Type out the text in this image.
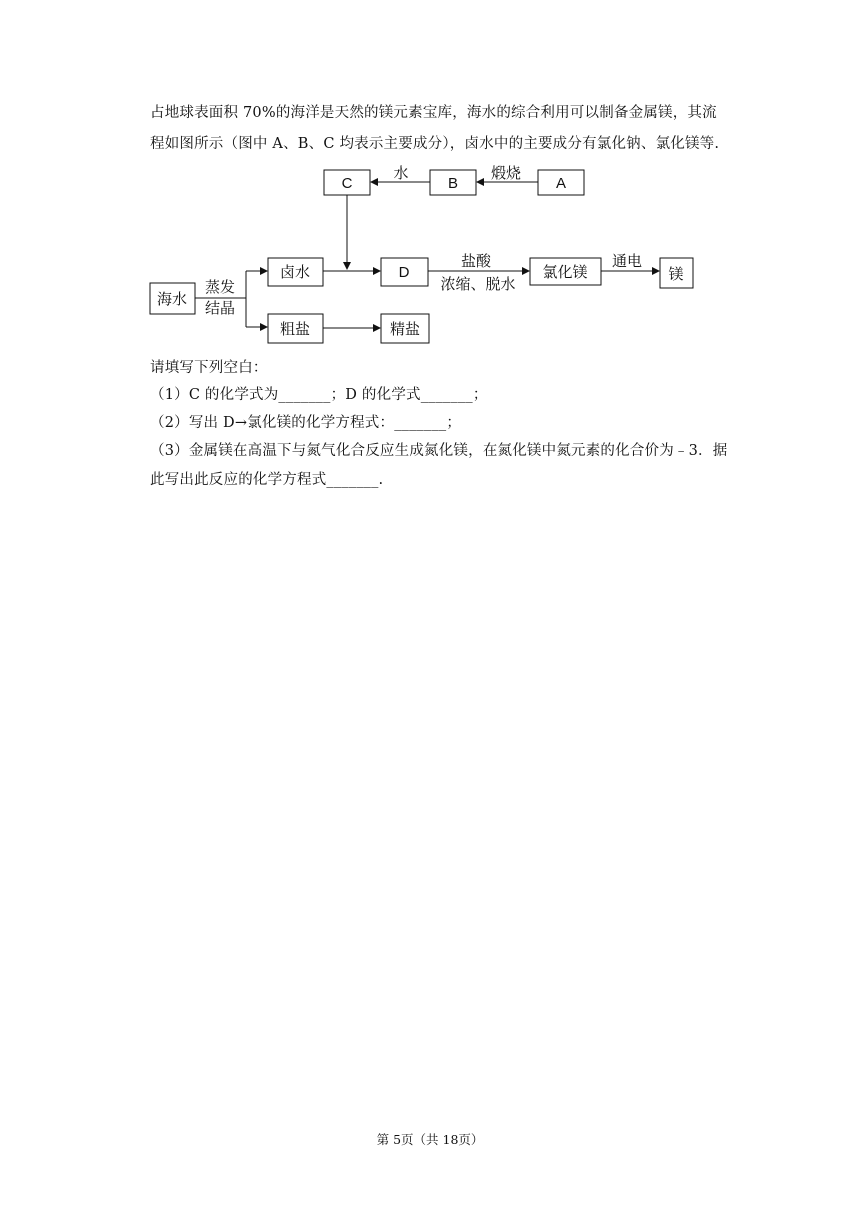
占地球表面积 70%的海洋是天然的镁元素宝库，海水的综合利用可以制备金属镁，其流
程如图所示（图中 A、B、C 均表示主要成分），卤水中的主要成分有氯化钠、氯化镁等.
C	B	A
海水
卤水	D	氯化镁	镁
粗盐	精盐
煅烧
水
蒸发
结晶
盐酸
浓缩、脱水
通电
请填写下列空白：
（1）C 的化学式为_______；D 的化学式_______；
（2）写出 D→氯化镁的化学方程式：_______；
（3）金属镁在高温下与氮气化合反应生成氮化镁，在氮化镁中氮元素的化合价为﹣3．据
此写出此反应的化学方程式_______.
第 5页（共 18页）
